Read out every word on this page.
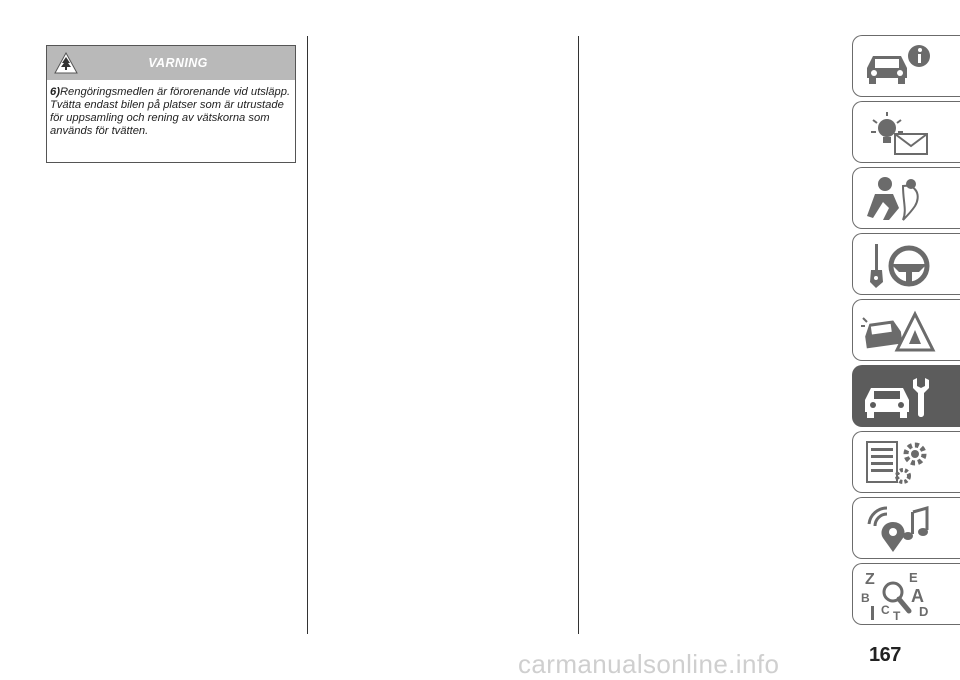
VARNING
6)Rengöringsmedlen är förorenande vid utsläpp. Tvätta endast bilen på platser som är utrustade för uppsamling och rening av vätskorna som används för tvätten.
Z	E
B A
C D
T
167
carmanualsonline.info
